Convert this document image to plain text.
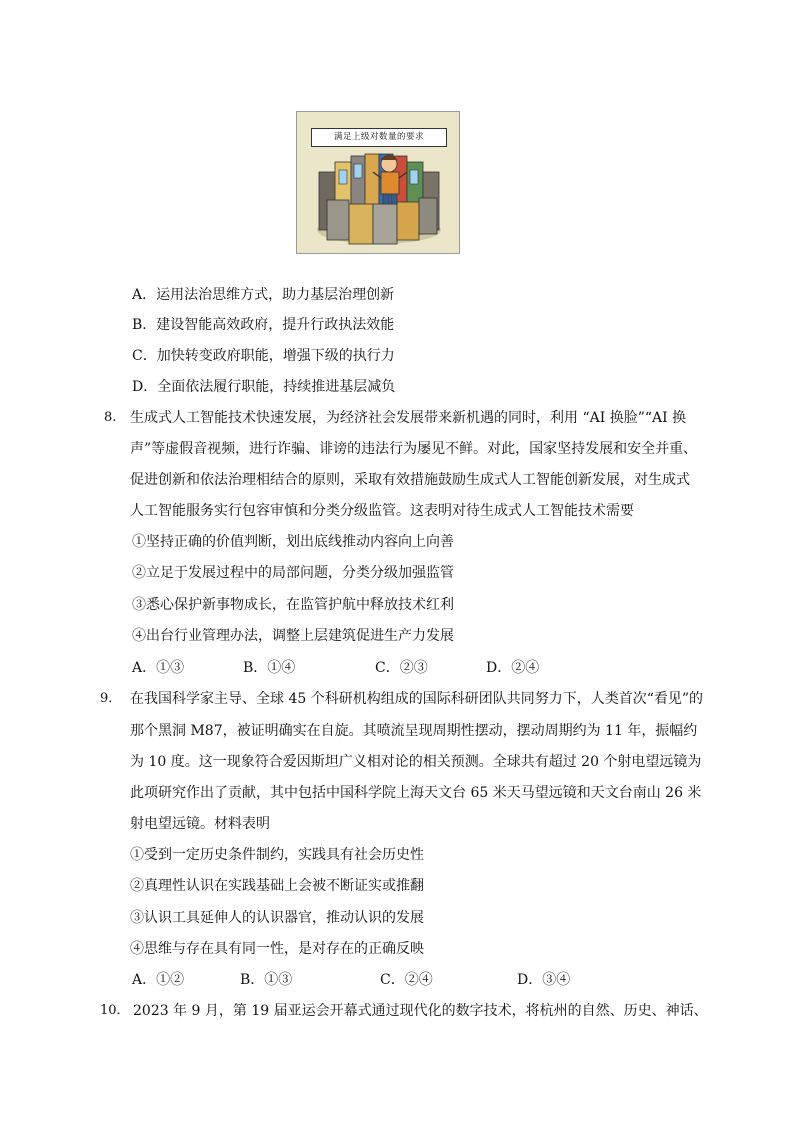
满足上级对数量的要求
A．运用法治思维方式，助力基层治理创新
B．建设智能高效政府，提升行政执法效能
C．加快转变政府职能，增强下级的执行力
D．全面依法履行职能，持续推进基层减负
8. 生成式人工智能技术快速发展，为经济社会发展带来新机遇的同时，利用 “AI 换脸”“AI 换
声”等虚假音视频，进行诈骗、诽谤的违法行为屡见不鲜。对此，国家坚持发展和安全并重、
促进创新和依法治理相结合的原则，采取有效措施鼓励生成式人工智能创新发展，对生成式
人工智能服务实行包容审慎和分类分级监管。这表明对待生成式人工智能技术需要
①坚持正确的价值判断，划出底线推动内容向上向善
②立足于发展过程中的局部问题，分类分级加强监管
③悉心保护新事物成长，在监管护航中释放技术红利
④出台行业管理办法，调整上层建筑促进生产力发展
A．①③	B．①④	C．②③	D．②④
9． 在我国科学家主导、全球 45 个科研机构组成的国际科研团队共同努力下，人类首次“看见”的
那个黑洞 M87，被证明确实在自旋。其喷流呈现周期性摆动，摆动周期约为 11 年，振幅约
为 10 度。这一现象符合爱因斯坦广义相对论的相关预测。全球共有超过 20 个射电望远镜为
此项研究作出了贡献，其中包括中国科学院上海天文台 65 米天马望远镜和天文台南山 26 米
射电望远镜。材料表明
①受到一定历史条件制约，实践具有社会历史性
②真理性认识在实践基础上会被不断证实或推翻
③认识工具延伸人的认识器官，推动认识的发展
④思维与存在具有同一性，是对存在的正确反映
A．①②	B．①③	C．②④	D．③④
10． 2023 年 9 月，第 19 届亚运会开幕式通过现代化的数字技术，将杭州的自然、历史、神话、
